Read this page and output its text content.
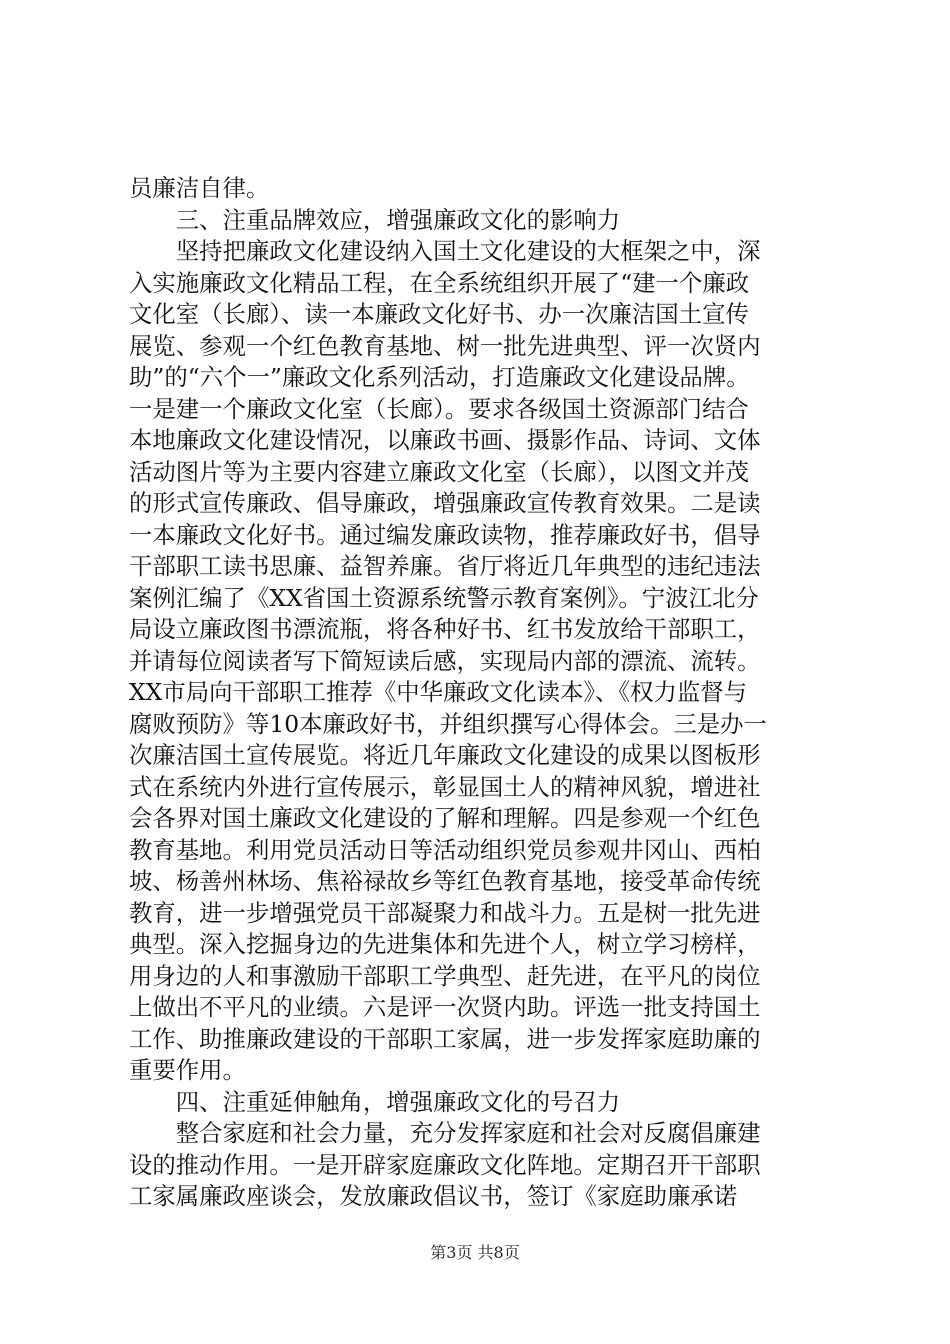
员廉洁自律。
　　三、注重品牌效应，增强廉政文化的影响力
　　坚持把廉政文化建设纳入国土文化建设的大框架之中，深
入实施廉政文化精品工程，在全系统组织开展了“建一个廉政
文化室（长廊）、读一本廉政文化好书、办一次廉洁国土宣传
展览、参观一个红色教育基地、树一批先进典型、评一次贤内
助”的“六个一”廉政文化系列活动，打造廉政文化建设品牌。
一是建一个廉政文化室（长廊）。要求各级国土资源部门结合
本地廉政文化建设情况，以廉政书画、摄影作品、诗词、文体
活动图片等为主要内容建立廉政文化室（长廊），以图文并茂
的形式宣传廉政、倡导廉政，增强廉政宣传教育效果。二是读
一本廉政文化好书。通过编发廉政读物，推荐廉政好书，倡导
干部职工读书思廉、益智养廉。省厅将近几年典型的违纪违法
案例汇编了《XX省国土资源系统警示教育案例》。宁波江北分
局设立廉政图书漂流瓶，将各种好书、红书发放给干部职工，
并请每位阅读者写下简短读后感，实现局内部的漂流、流转。
XX市局向干部职工推荐《中华廉政文化读本》、《权力监督与
腐败预防》等10本廉政好书，并组织撰写心得体会。三是办一
次廉洁国土宣传展览。将近几年廉政文化建设的成果以图板形
式在系统内外进行宣传展示，彰显国土人的精神风貌，增进社
会各界对国土廉政文化建设的了解和理解。四是参观一个红色
教育基地。利用党员活动日等活动组织党员参观井冈山、西柏
坡、杨善州林场、焦裕禄故乡等红色教育基地，接受革命传统
教育，进一步增强党员干部凝聚力和战斗力。五是树一批先进
典型。深入挖掘身边的先进集体和先进个人，树立学习榜样，
用身边的人和事激励干部职工学典型、赶先进，在平凡的岗位
上做出不平凡的业绩。六是评一次贤内助。评选一批支持国土
工作、助推廉政建设的干部职工家属，进一步发挥家庭助廉的
重要作用。
　　四、注重延伸触角，增强廉政文化的号召力
　　整合家庭和社会力量，充分发挥家庭和社会对反腐倡廉建
设的推动作用。一是开辟家庭廉政文化阵地。定期召开干部职
工家属廉政座谈会，发放廉政倡议书，签订《家庭助廉承诺
第3页 共8页
